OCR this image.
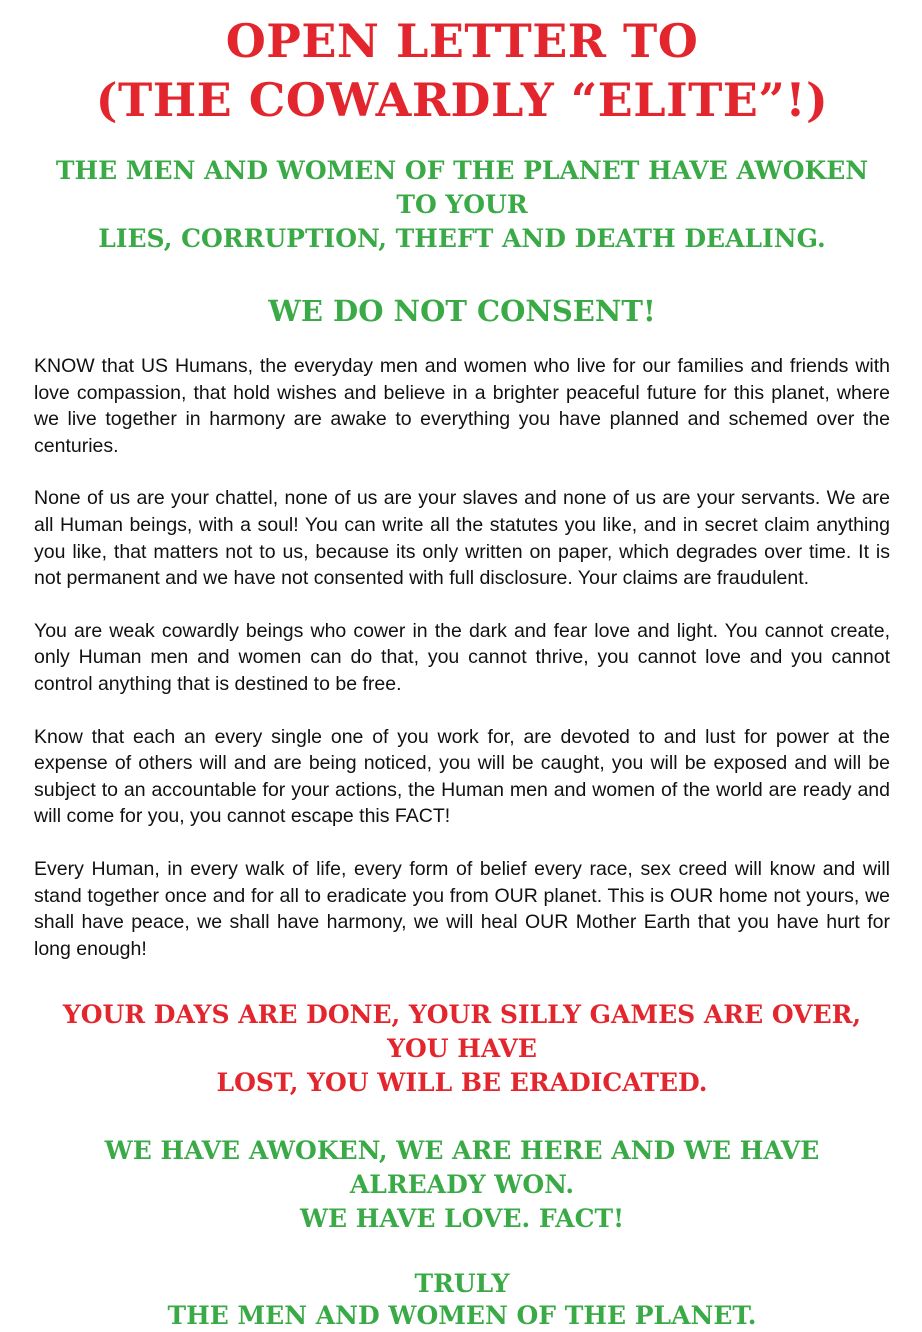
OPEN LETTER TO
(THE COWARDLY “ELITE”!)
THE MEN AND WOMEN OF THE PLANET HAVE AWOKEN TO YOUR
LIES, CORRUPTION, THEFT AND DEATH DEALING.
WE DO NOT CONSENT!

KNOW that US Humans, the everyday men and women who live for our families and friends with love compassion, that hold wishes and believe in a brighter peaceful future for this planet, where we live together in harmony are awake to everything you have planned and schemed over the centuries.

None of us are your chattel, none of us are your slaves and none of us are your servants. We are all Human beings, with a soul! You can write all the statutes you like, and in secret claim anything you like, that matters not to us, because its only written on paper, which degrades over time. It is not permanent and we have not consented with full disclosure. Your claims are fraudulent.

You are weak cowardly beings who cower in the dark and fear love and light. You cannot create, only Human men and women can do that, you cannot thrive, you cannot love and you cannot control anything that is destined to be free.

Know that each an every single one of you work for, are devoted to and lust for power at the expense of others will and are being noticed, you will be caught, you will be exposed and will be subject to an accountable for your actions, the Human men and women of the world are ready and will come for you, you cannot escape this FACT!

Every Human, in every walk of life, every form of belief every race, sex creed will know and will stand together once and for all to eradicate you from OUR planet. This is OUR home not yours, we shall have peace, we shall have harmony, we will heal OUR Mother Earth that you have hurt for long enough!

YOUR DAYS ARE DONE, YOUR SILLY GAMES ARE OVER, YOU HAVE
LOST, YOU WILL BE ERADICATED.
WE HAVE AWOKEN, WE ARE HERE AND WE HAVE ALREADY WON.
WE HAVE LOVE. FACT!
TRULY
THE MEN AND WOMEN OF THE PLANET.
